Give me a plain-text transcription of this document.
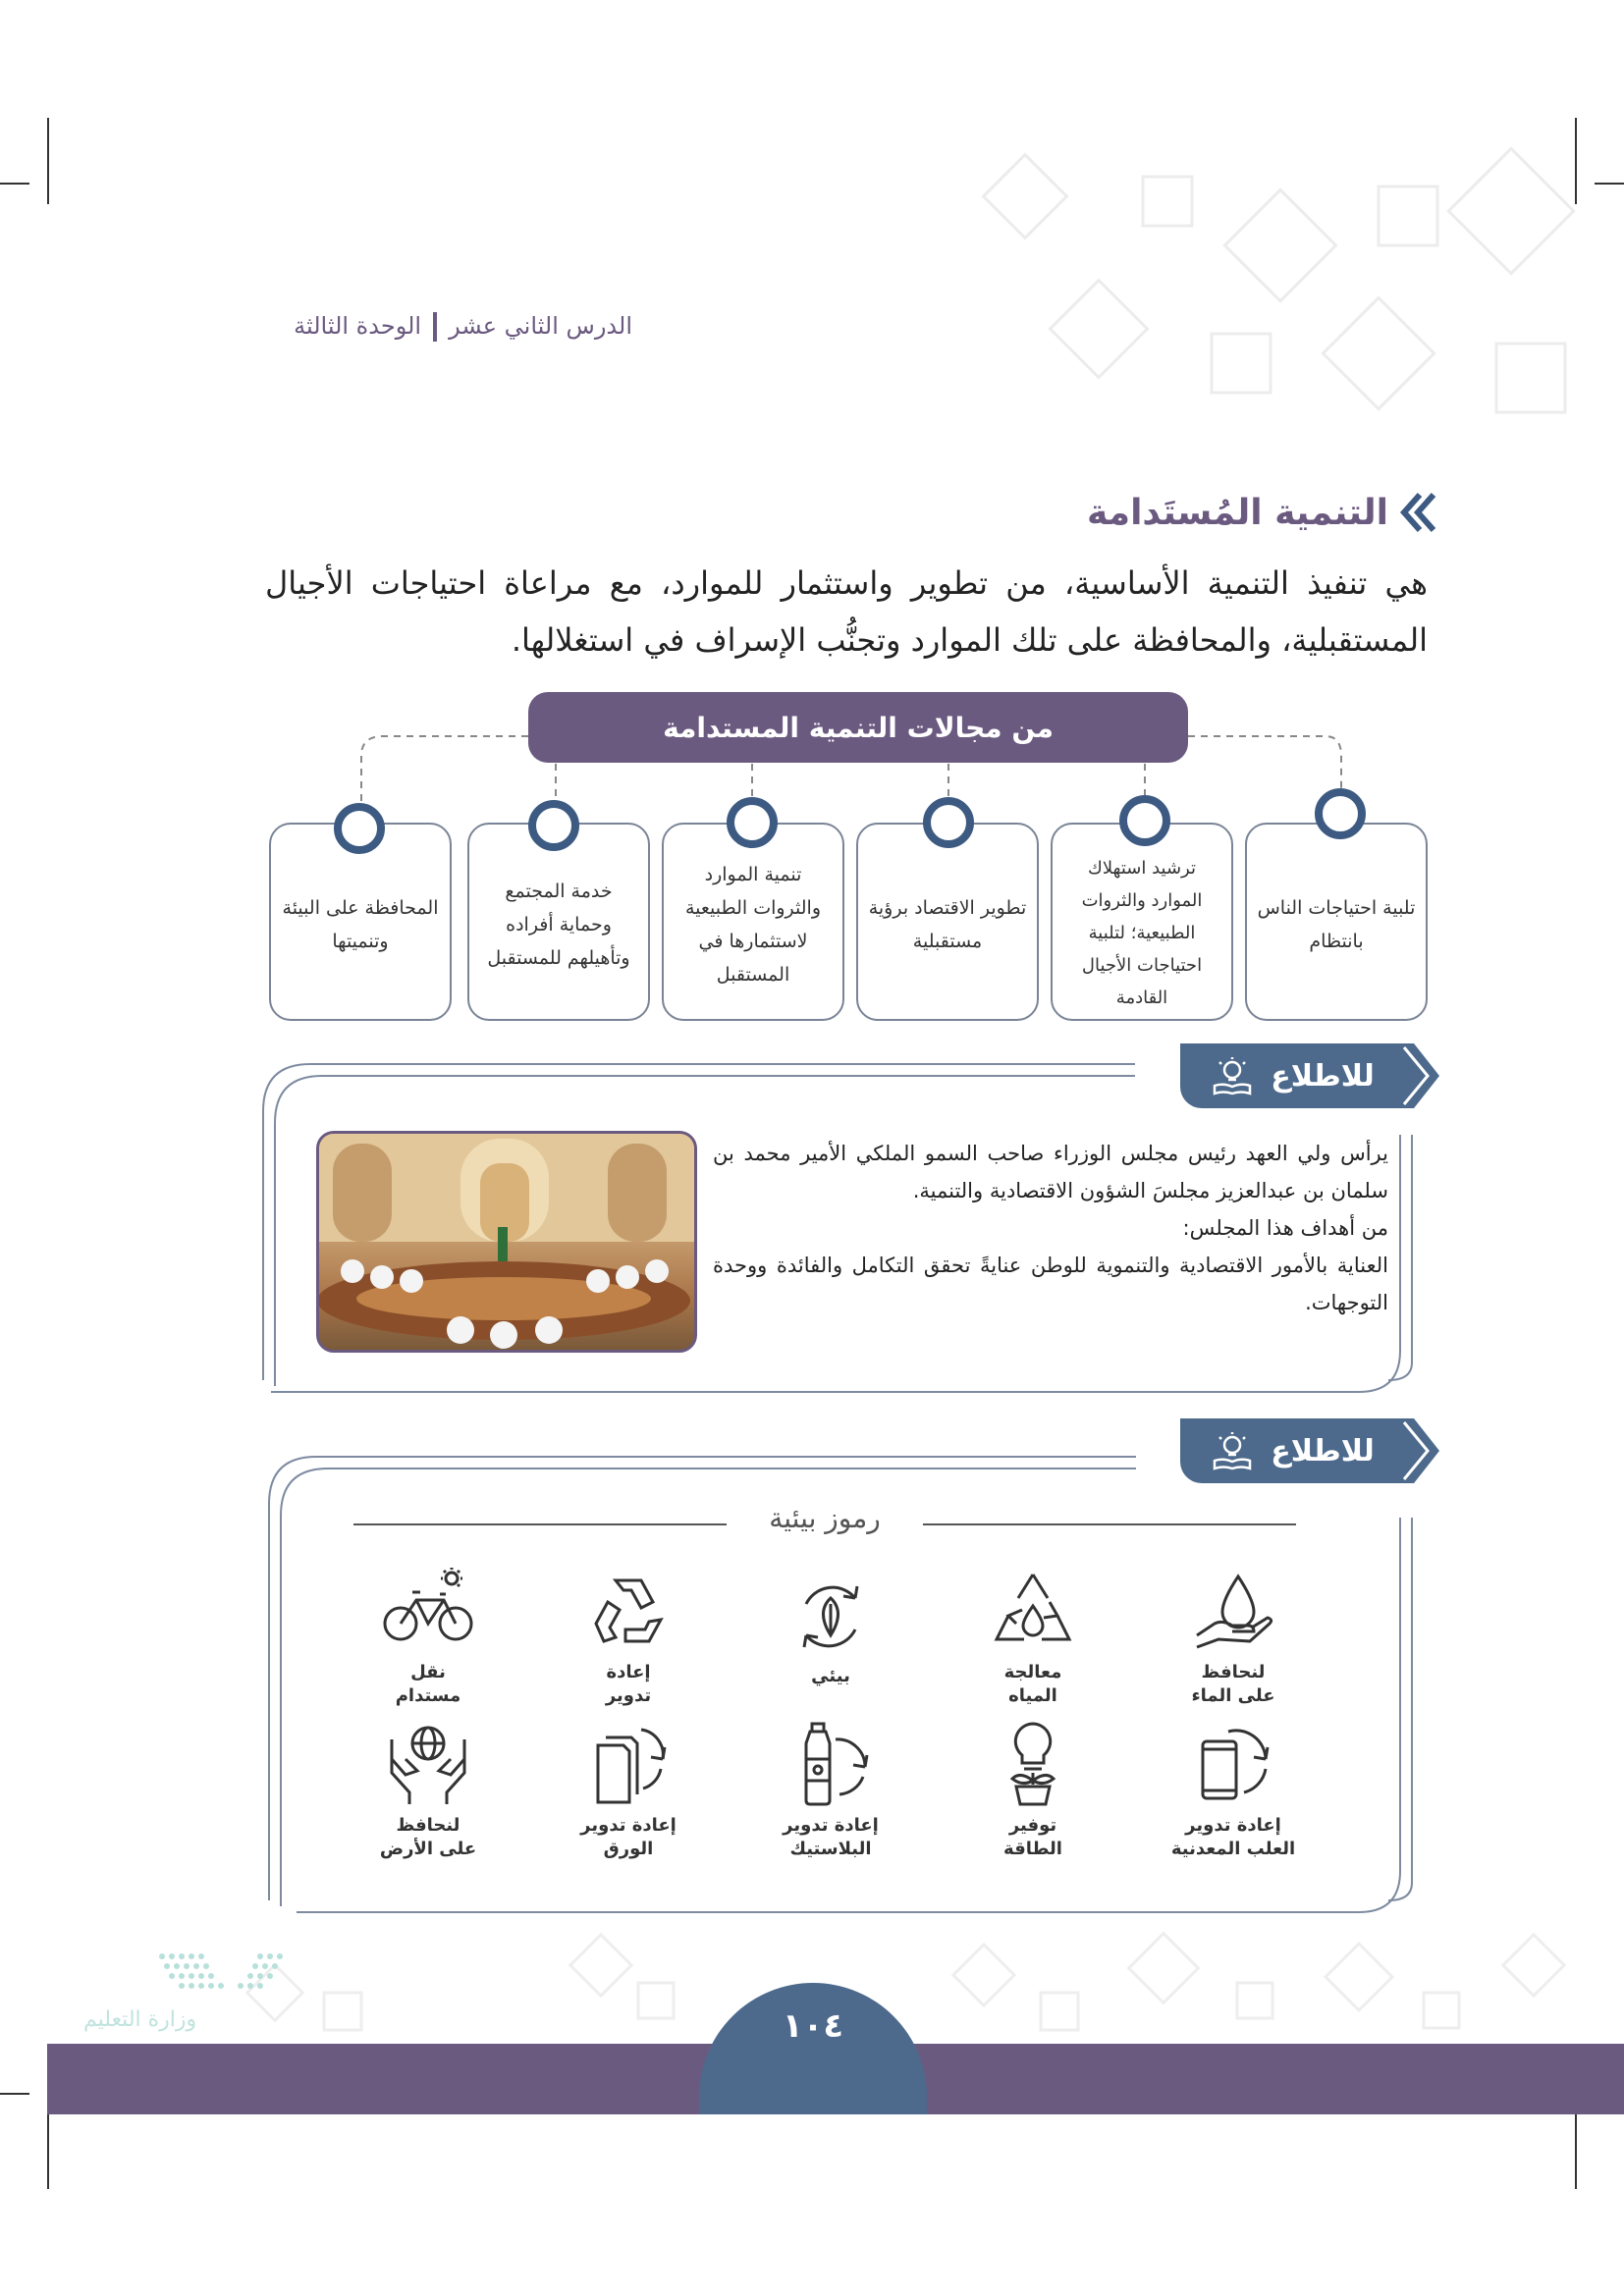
الدرس الثاني عشرالوحدة الثالثة
التنمية المُستَدامة

هي تنفيذ التنمية الأساسية، من تطوير واستثمار للموارد، مع مراعاة احتياجات الأجيال المستقبلية، والمحافظة على تلك الموارد وتجنُّب الإسراف في استغلالها.

من مجالات التنمية المستدامة
تلبية احتياجات الناس بانتظام
ترشيد استهلاك الموارد والثروات الطبيعية؛ لتلبية احتياجات الأجيال القادمة
تطوير الاقتصاد برؤية مستقبلية
تنمية الموارد والثروات الطبيعية لاستثمارها في المستقبل
خدمة المجتمع وحماية أفراده وتأهيلهم للمستقبل
المحافظة على البيئة وتنميتها
للاطلاع

يرأس ولي العهد رئيس مجلس الوزراء صاحب السمو الملكي الأمير محمد بن سلمان بن عبدالعزيز مجلسَ الشؤون الاقتصادية والتنمية.

من أهداف هذا المجلس:

العناية بالأمور الاقتصادية والتنموية للوطن عنايةً تحقق التكامل والفائدة ووحدة التوجهات.

للاطلاع
رموز بيئية
لنحافظ
على الماء
معالجة
المياه
بيئي
إعادة
تدوير
نقل
مستدام
إعادة تدوير
العلب المعدنية
توفير
الطاقة
إعادة تدوير
البلاستيك
إعادة تدوير
الورق
لنحافظ
على الأرض
وزارة التعليم	١٠٤
